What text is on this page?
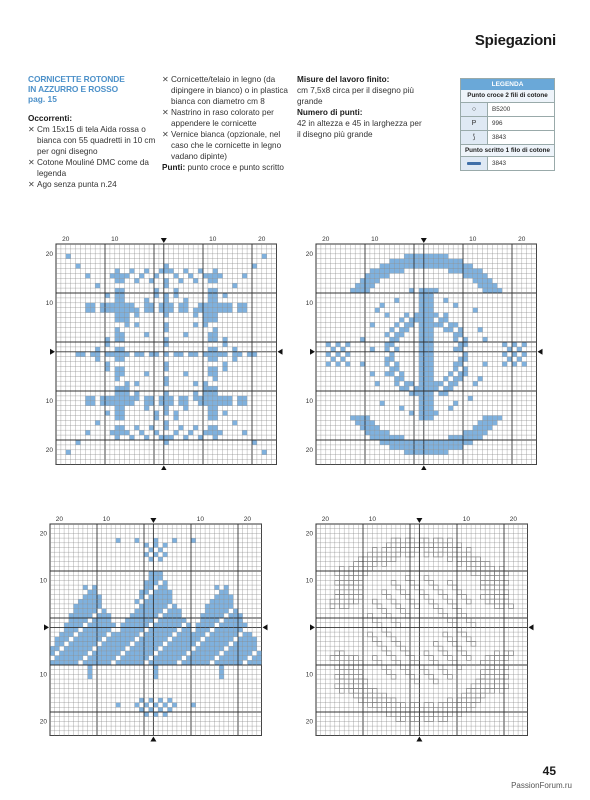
Spiegazioni
CORNICETTE ROTONDE
IN AZZURRO E ROSSO
pag. 15
Occorrenti:
✕ Cm 15x15 di tela Aida rossa o bianca con 55 quadretti in 10 cm per ogni disegno
✕ Cotone Mouliné DMC come da legenda
✕ Ago senza punta n.24
✕ Cornicette/telaio in legno (da dipingere in bianco) o in plastica bianca con diametro cm 8
✕ Nastrino in raso colorato per appendere le cornicette
✕ Vernice bianca (opzionale, nel caso che le cornicette in legno vadano dipinte)
Punti: punto croce e punto scritto
Misure del lavoro finito:
cm 7,5x8 circa per il disegno più grande
Numero di punti:
42 in altezza e 45 in larghezza per il disegno più grande
LEGENDA
Punto croce 2 fili di cotone
○	B5200
P	996
⟆	3843
Punto scritto 1 filo di cotone
3843
20	10	10	20
20
10
10
20
20	10	10	20
20
10
10
20
20	10	10	20
20
10
10
20
20	10	10	20
20
10
10
20
45
PassionForum.ru
